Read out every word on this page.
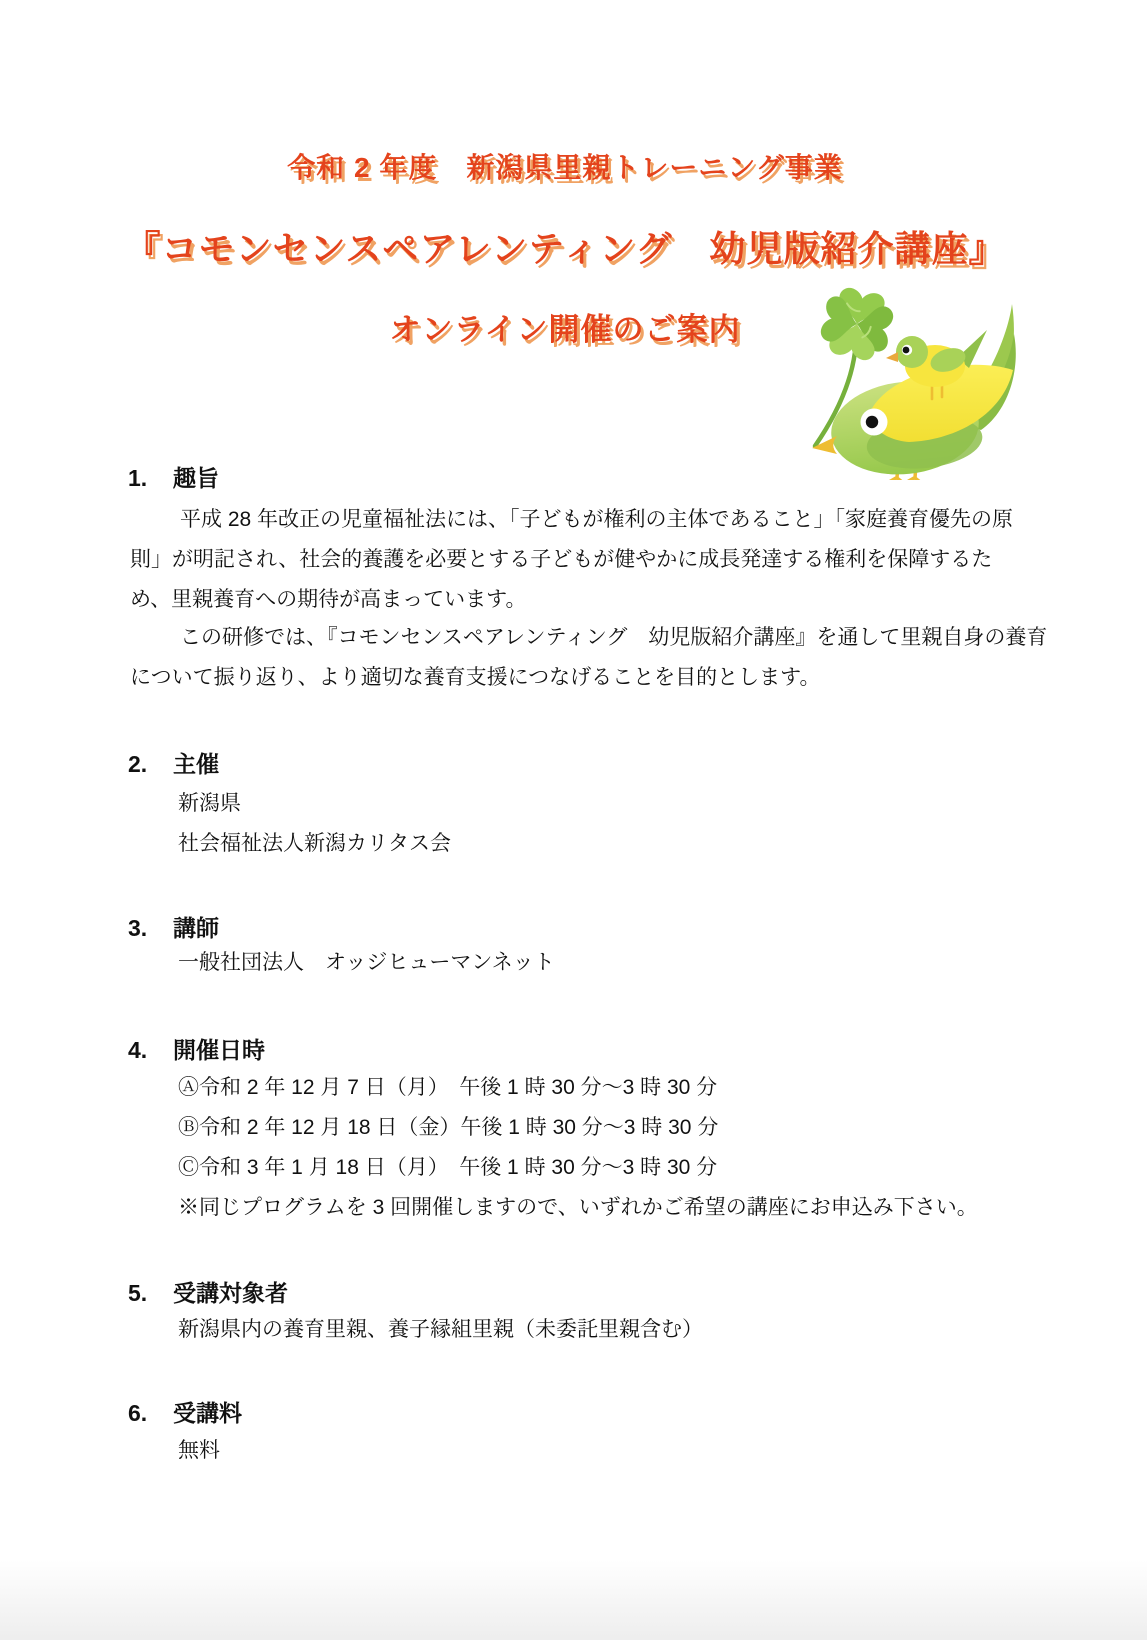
令和 2 年度　新潟県里親トレーニング事業
『コモンセンスペアレンティング　幼児版紹介講座』
オンライン開催のご案内
1. 趣旨
平成 28 年改正の児童福祉法には、「子どもが権利の主体であること」「家庭養育優先の原
則」が明記され、社会的養護を必要とする子どもが健やかに成長発達する権利を保障するた
め、里親養育への期待が高まっています。
この研修では、『コモンセンスペアレンティング　幼児版紹介講座』を通して里親自身の養育
について振り返り、より適切な養育支援につなげることを目的とします。
2. 主催
新潟県
社会福祉法人新潟カリタス会
3. 講師
一般社団法人　オッジヒューマンネット
4. 開催日時
Ⓐ令和 2 年 12 月 7 日（月）　午後 1 時 30 分～3 時 30 分
Ⓑ令和 2 年 12 月 18 日（金）午後 1 時 30 分～3 時 30 分
Ⓒ令和 3 年 1 月 18 日（月）　午後 1 時 30 分～3 時 30 分
※同じプログラムを 3 回開催しますので、いずれかご希望の講座にお申込み下さい。
5. 受講対象者
新潟県内の養育里親、養子縁組里親（未委託里親含む）
6. 受講料
無料
